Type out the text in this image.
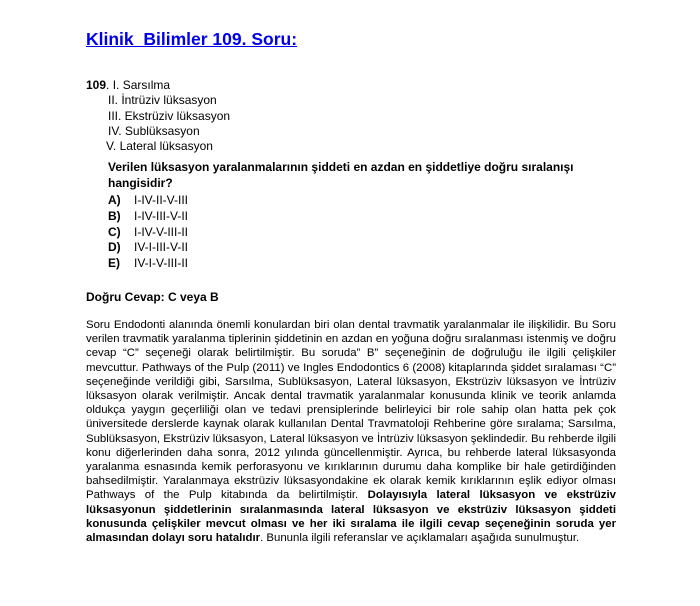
Klinik  Bilimler 109. Soru:
109. I. Sarsılma
II. İntrüziv lüksasyon
III. Ekstrüziv lüksasyon
IV. Sublüksasyon
V. Lateral lüksasyon
Verilen lüksasyon yaralanmalarının şiddeti en azdan en şiddetliye doğru sıralanışı hangisidir?
A) I-IV-II-V-III
B) I-IV-III-V-II
C) I-IV-V-III-II
D) IV-I-III-V-II
E) IV-I-V-III-II
Doğru Cevap: C veya B
Soru Endodonti alanında önemli konulardan biri olan dental travmatik yaralanmalar ile ilişkilidir. Bu Soru verilen travmatik yaralanma tiplerinin şiddetinin en azdan en yoğuna doğru sıralanması istenmiş ve doğru cevap “C” seçeneği olarak belirtilmiştir. Bu soruda” B” seçeneğinin de doğruluğu ile ilgili çelişkiler mevcuttur. Pathways of the Pulp (2011) ve Ingles Endodontics 6 (2008) kitaplarında şiddet sıralaması “C” seçeneğinde verildiği gibi, Sarsılma, Sublüksasyon, Lateral lüksasyon, Ekstrüziv lüksasyon ve İntrüziv lüksasyon olarak verilmiştir. Ancak dental travmatik yaralanmalar konusunda klinik ve teorik anlamda oldukça yaygın geçerliliği olan ve tedavi prensiplerinde belirleyici bir role sahip olan hatta pek çok üniversitede derslerde kaynak olarak kullanılan Dental Travmatoloji Rehberine göre sıralama; Sarsılma, Sublüksasyon, Ekstrüziv lüksasyon, Lateral lüksasyon ve İntrüziv lüksasyon şeklindedir. Bu rehberde ilgili konu diğerlerinden daha sonra, 2012 yılında güncellenmiştir. Ayrıca, bu rehberde lateral lüksasyonda yaralanma esnasında kemik perforasyonu ve kırıklarının durumu daha komplike bir hale getirdiğinden bahsedilmiştir. Yaralanmaya ekstrüziv lüksasyondakine ek olarak kemik kırıklarının eşlik ediyor olması Pathways of the Pulp kitabında da belirtilmiştir. Dolayısıyla lateral lüksasyon ve ekstrüziv lüksasyonun şiddetlerinin sıralanmasında lateral lüksasyon ve ekstrüziv lüksasyon şiddeti konusunda çelişkiler mevcut olması ve her iki sıralama ile ilgili cevap seçeneğinin soruda yer almasından dolayı soru hatalıdır. Bununla ilgili referanslar ve açıklamaları aşağıda sunulmuştur.
